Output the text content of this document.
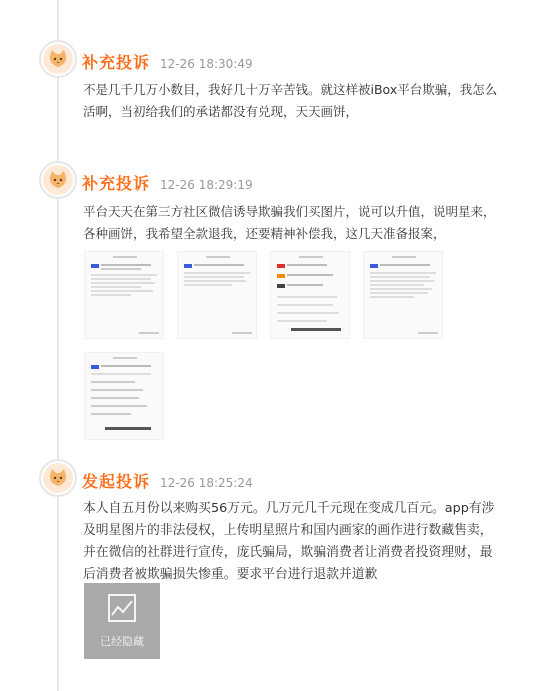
补充投诉 12-26 18:30:49
不是几千几万小数目，我好几十万辛苦钱。就这样被iBox平台欺骗，我怎么活啊，当初给我们的承诺都没有兑现，天天画饼，
补充投诉 12-26 18:29:19
平台天天在第三方社区微信诱导欺骗我们买图片，说可以升值，说明星来，各种画饼，我希望全款退我，还要精神补偿我，这几天准备报案，
发起投诉 12-26 18:25:24
本人自五月份以来购买56万元。几万元几千元现在变成几百元。app有涉及明星图片的非法侵权，上传明星照片和国内画家的画作进行数藏售卖，并在微信的社群进行宣传，庞氏骗局，欺骗消费者让消费者投资理财，最后消费者被欺骗损失惨重。要求平台进行退款并道歉
已经隐藏
